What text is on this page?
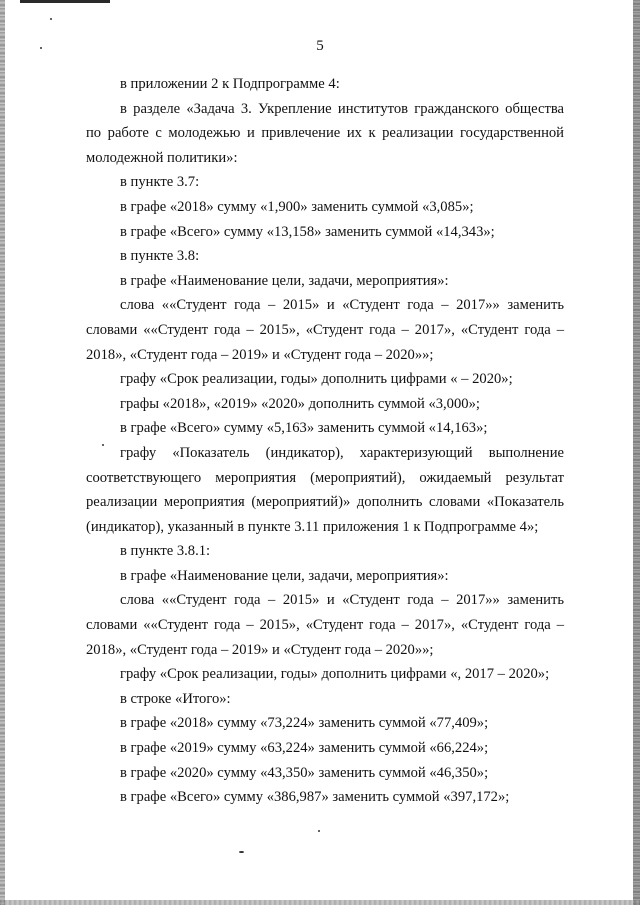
5

в приложении 2 к Подпрограмме 4:

в разделе «Задача 3. Укрепление институтов гражданского общества по работе с молодежью и привлечение их к реализации государственной молодежной политики»:

в пункте 3.7:

в графе «2018» сумму «1,900» заменить суммой «3,085»;

в графе «Всего» сумму «13,158» заменить суммой «14,343»;

в пункте 3.8:

в графе «Наименование цели, задачи, мероприятия»:

слова ««Студент года – 2015» и «Студент года – 2017»» заменить словами ««Студент года – 2015», «Студент года – 2017», «Студент года – 2018», «Студент года – 2019» и «Студент года – 2020»»;

графу «Срок реализации, годы» дополнить цифрами « – 2020»;

графы «2018», «2019» «2020» дополнить суммой «3,000»;

в графе «Всего» сумму «5,163» заменить суммой «14,163»;

графу «Показатель (индикатор), характеризующий выполнение соответствующего мероприятия (мероприятий), ожидаемый результат реализации мероприятия (мероприятий)» дополнить словами «Показатель (индикатор), указанный в пункте 3.11 приложения 1 к Подпрограмме 4»;

в пункте 3.8.1:

в графе «Наименование цели, задачи, мероприятия»:

слова ««Студент года – 2015» и «Студент года – 2017»» заменить словами ««Студент года – 2015», «Студент года – 2017», «Студент года – 2018», «Студент года – 2019» и «Студент года – 2020»»;

графу «Срок реализации, годы» дополнить цифрами «, 2017 – 2020»;

в строке «Итого»:

в графе «2018» сумму «73,224» заменить суммой «77,409»;

в графе «2019» сумму «63,224» заменить суммой «66,224»;

в графе «2020» сумму «43,350» заменить суммой «46,350»;

в графе «Всего» сумму «386,987» заменить суммой «397,172»;
